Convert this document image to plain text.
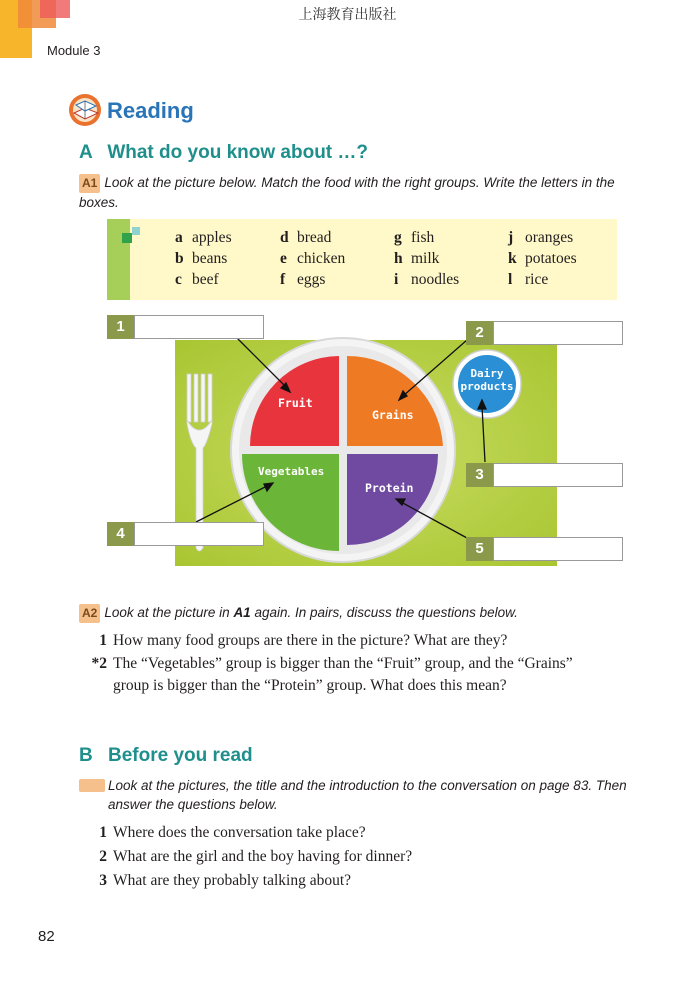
上海教育出版社
Module 3
Reading
A What do you know about …?
A1 Look at the picture below. Match the food with the right groups. Write the letters in the boxes.
a apples
b beans
c beef
d bread
e chicken
f eggs
g fish
h milk
i noodles
j oranges
k potatoes
l rice
Fruit
Grains
Vegetables
Protein
Dairy
products
1	2
3
4
5
A2 Look at the picture in A1 again. In pairs, discuss the questions below.
1 How many food groups are there in the picture? What are they?
*2 The “Vegetables” group is bigger than the “Fruit” group, and the “Grains” group is bigger than the “Protein” group. What does this mean?
B Before you read
Look at the pictures, the title and the introduction to the conversation on page 83. Then answer the questions below.
1 Where does the conversation take place?
2 What are the girl and the boy having for dinner?
3 What are they probably talking about?
82
